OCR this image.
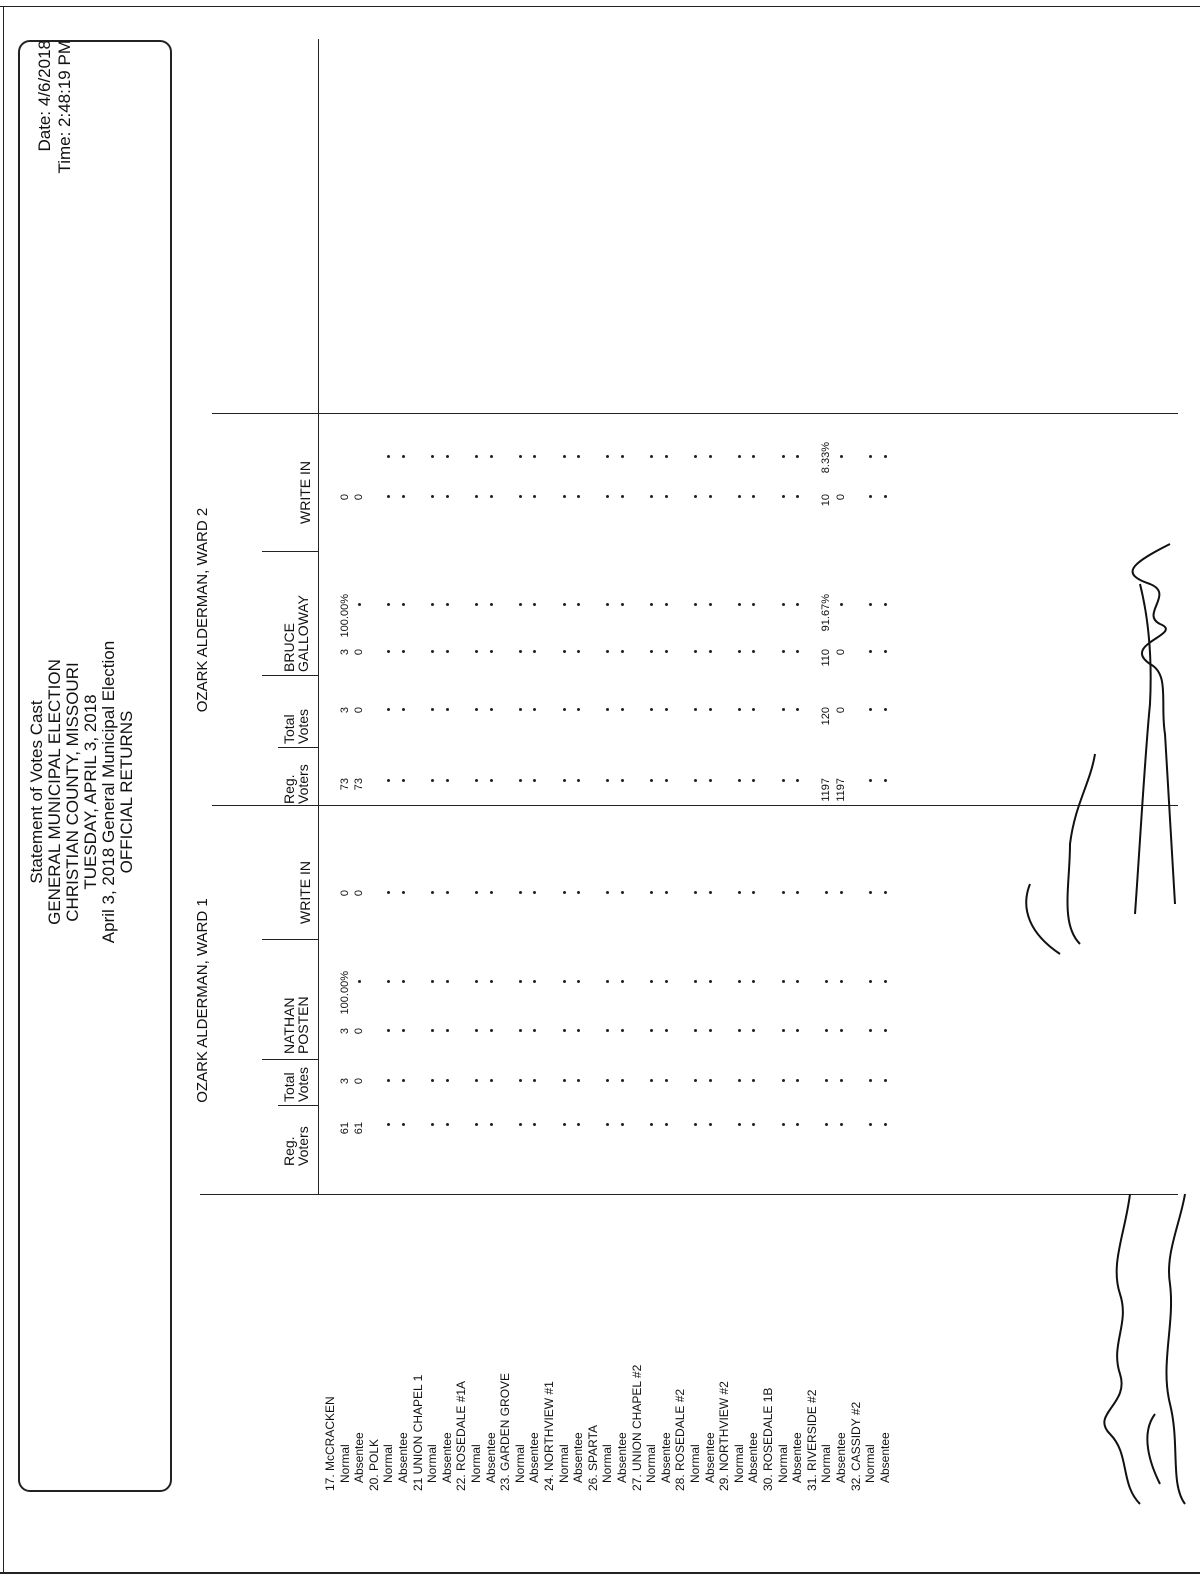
Statement of Votes Cast GENERAL MUNICIPAL ELECTION CHRISTIAN COUNTY, MISSOURI TUESDAY, APRIL 3, 2018 April 3, 2018 General Municipal Election OFFICIAL RETURNS
Date: 4/6/2018 Time: 2:48:19 PM
OZARK ALDERMAN, WARD 1
Reg. Voters
Total Votes
NATHAN POSTEN
WRITE IN
OZARK ALDERMAN, WARD 2
Reg. Voters
Total Votes
BRUCE GALLOWAY
WRITE IN
17. McCRACKEN Normal Absentee 20. POLK Normal Absentee 21 UNION CHAPEL 1 Normal Absentee 22. ROSEDALE #1A Normal Absentee 23. GARDEN GROVE Normal Absentee 24. NORTHVIEW #1 Normal Absentee 26. SPARTA Normal Absentee 27. UNION CHAPEL #2 Normal Absentee 28. ROSEDALE #2 Normal Absentee 29. NORTHVIEW #2 Normal Absentee 30. ROSEDALE 1B Normal Absentee 31. RIVERSIDE #2 Normal Absentee 32. CASSIDY #2 Normal Absentee
61
3
3
100.00%
0
73
3
3
100.00%
0
61
0
0
0
73
0
0
0
1197
120
110
91.67%
10
8.33%
1197
0
0
0
